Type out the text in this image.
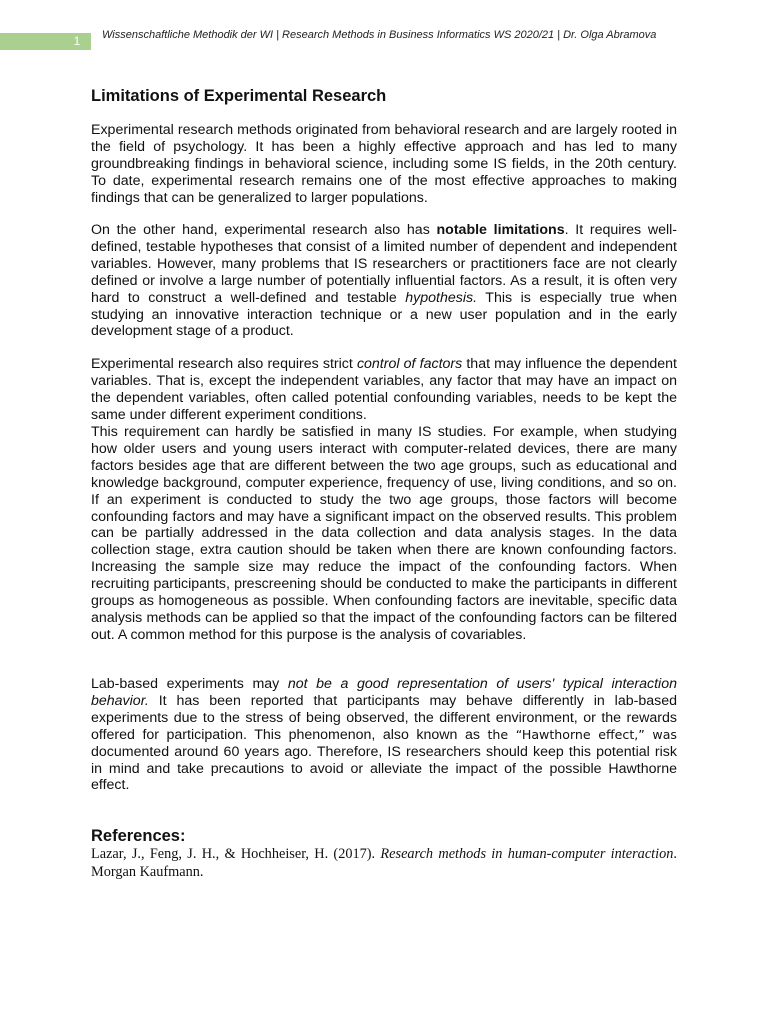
1 Wissenschaftliche Methodik der WI | Research Methods in Business Informatics WS 2020/21 | Dr. Olga Abramova
Limitations of Experimental Research

Experimental research methods originated from behavioral research and are largely rooted in the field of psychology. It has been a highly effective approach and has led to many groundbreaking findings in behavioral science, including some IS fields, in the 20th century. To date, experimental research remains one of the most effective approaches to making findings that can be generalized to larger populations.

On the other hand, experimental research also has notable limitations. It requires well-defined, testable hypotheses that consist of a limited number of dependent and independent variables. However, many problems that IS researchers or practitioners face are not clearly defined or involve a large number of potentially influential factors. As a result, it is often very hard to construct a well-defined and testable hypothesis. This is especially true when studying an innovative interaction technique or a new user population and in the early development stage of a product.

Experimental research also requires strict control of factors that may influence the dependent variables. That is, except the independent variables, any factor that may have an impact on the dependent variables, often called potential confounding variables, needs to be kept the same under different experiment conditions.

This requirement can hardly be satisfied in many IS studies. For example, when studying how older users and young users interact with computer-related devices, there are many factors besides age that are different between the two age groups, such as educational and knowledge background, computer experience, frequency of use, living conditions, and so on. If an experiment is conducted to study the two age groups, those factors will become confounding factors and may have a significant impact on the observed results. This problem can be partially addressed in the data collection and data analysis stages. In the data collection stage, extra caution should be taken when there are known confounding factors. Increasing the sample size may reduce the impact of the confounding factors. When recruiting participants, prescreening should be conducted to make the participants in different groups as homogeneous as possible. When confounding factors are inevitable, specific data analysis methods can be applied so that the impact of the confounding factors can be filtered out. A common method for this purpose is the analysis of covariables.

Lab-based experiments may not be a good representation of users' typical interaction behavior. It has been reported that participants may behave differently in lab-based experiments due to the stress of being observed, the different environment, or the rewards offered for participation. This phenomenon, also known as the “Hawthorne effect,” was documented around 60 years ago. Therefore, IS researchers should keep this potential risk in mind and take precautions to avoid or alleviate the impact of the possible Hawthorne effect.

References:

Lazar, J., Feng, J. H., & Hochheiser, H. (2017). Research methods in human-computer interaction. Morgan Kaufmann.
